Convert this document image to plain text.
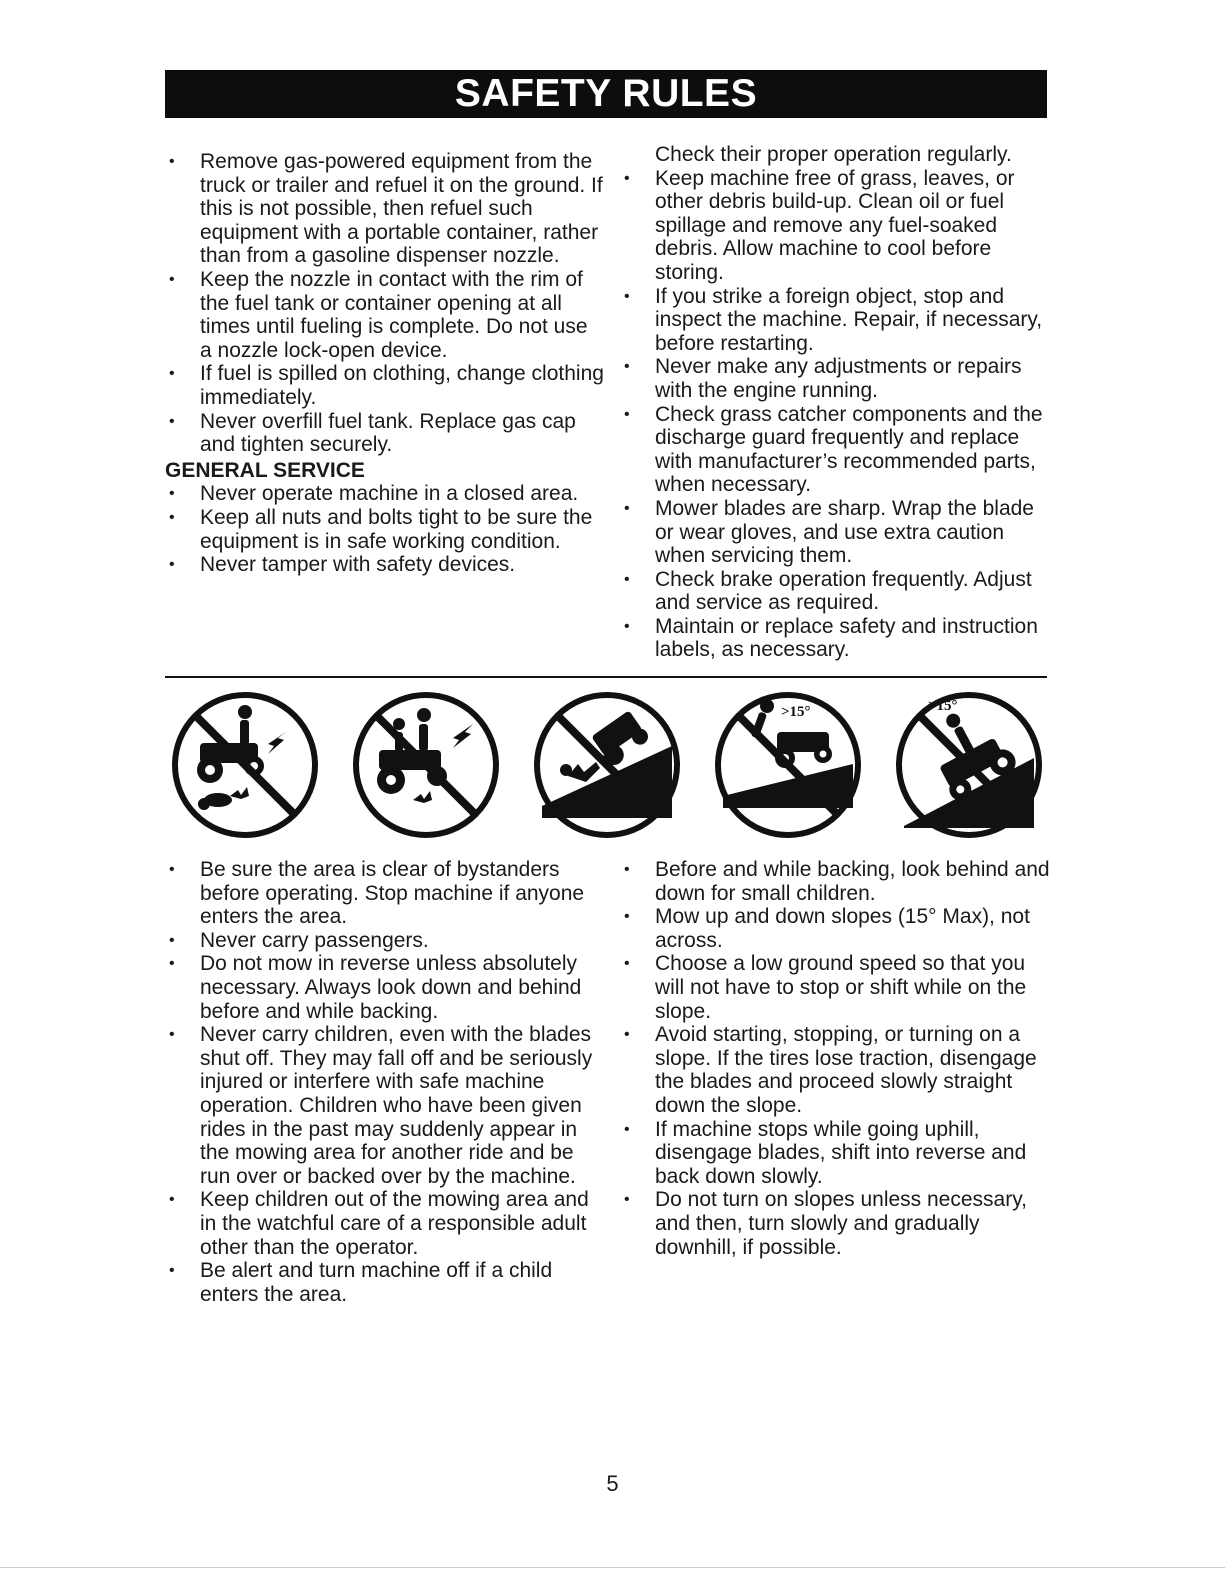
SAFETY RULES
• Remove gas-powered equipment from the truck or trailer and refuel it on the ground. If this is not possible, then refuel such equipment with a portable container, rather than from a gasoline dispenser nozzle.
• Keep the nozzle in contact with the rim of the fuel tank or container opening at all times until fueling is complete. Do not use a nozzle lock-open device.
• If fuel is spilled on clothing, change clothing immediately.
• Never overfill fuel tank. Replace gas cap and tighten securely.
GENERAL SERVICE
• Never operate machine in a closed area.
• Keep all nuts and bolts tight to be sure the equipment is in safe working condition.
• Never tamper with safety devices.
Check their proper operation regularly.
• Keep machine free of grass, leaves, or other debris build-up. Clean oil or fuel spillage and remove any fuel-soaked debris. Allow machine to cool before storing.
• If you strike a foreign object, stop and inspect the machine. Repair, if necessary, before restarting.
• Never make any adjustments or repairs with the engine running.
• Check grass catcher components and the discharge guard frequently and replace with manufacturer’s recommended parts, when necessary.
• Mower blades are sharp. Wrap the blade or wear gloves, and use extra caution when servicing them.
• Check brake operation frequently. Adjust and service as required.
• Maintain or replace safety and instruction labels, as necessary.
>15°	>15°
• Be sure the area is clear of bystanders before operating. Stop machine if anyone enters the area.
• Never carry passengers.
• Do not mow in reverse unless absolutely necessary. Always look down and behind before and while backing.
• Never carry children, even with the blades shut off. They may fall off and be seriously injured or interfere with safe machine operation. Children who have been given rides in the past may suddenly appear in the mowing area for another ride and be run over or backed over by the machine.
• Keep children out of the mowing area and in the watchful care of a responsible adult other than the operator.
• Be alert and turn machine off if a child enters the area.
• Before and while backing, look behind and down for small children.
• Mow up and down slopes (15° Max), not across.
• Choose a low ground speed so that you will not have to stop or shift while on the slope.
• Avoid starting, stopping, or turning on a slope. If the tires lose traction, disengage the blades and proceed slowly straight down the slope.
• If machine stops while going uphill, disengage blades, shift into reverse and back down slowly.
• Do not turn on slopes unless necessary, and then, turn slowly and gradually downhill, if possible.
5
